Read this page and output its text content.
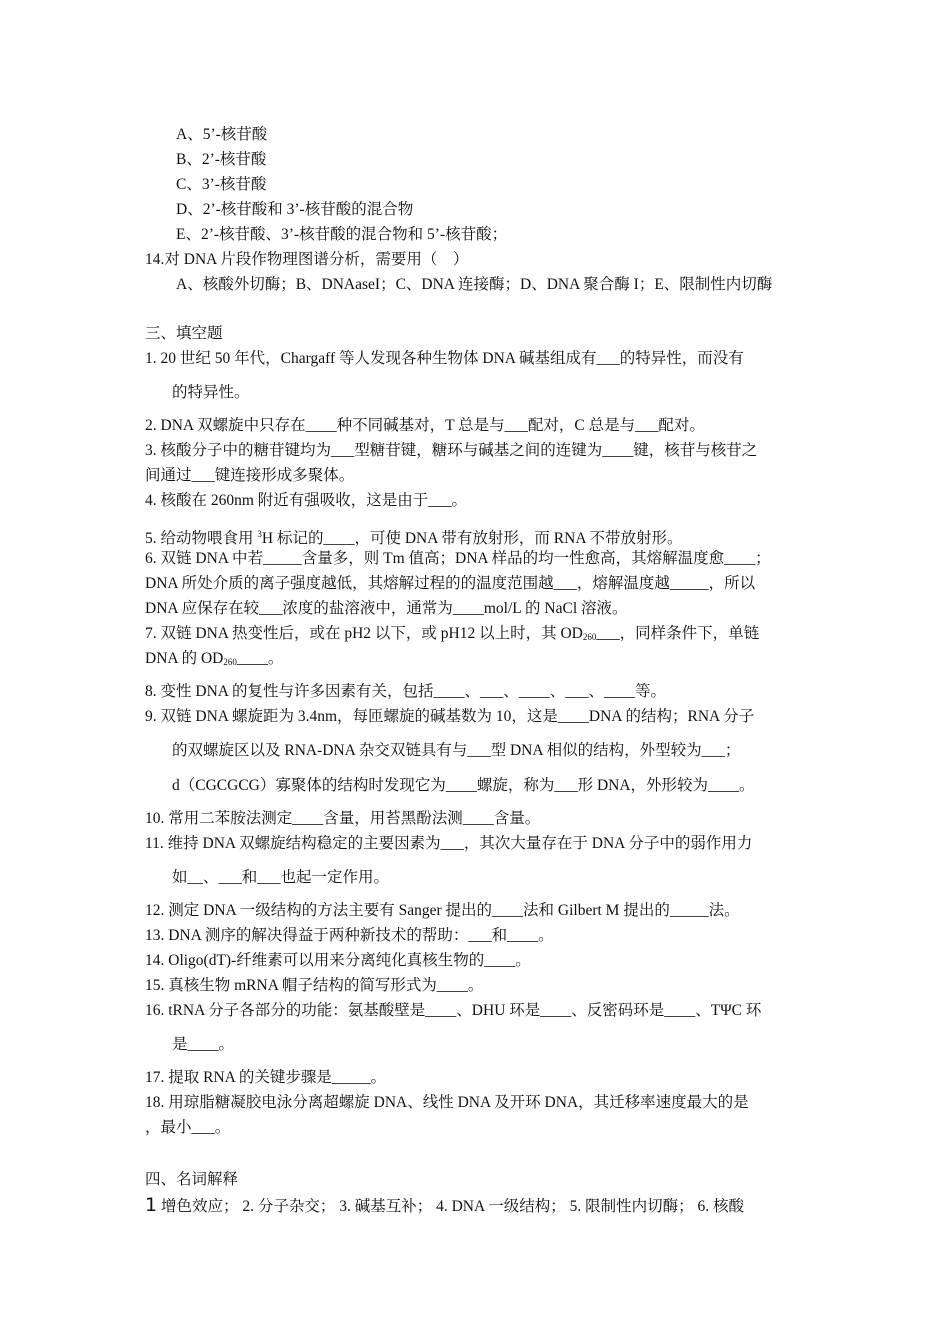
A、5’-核苷酸
B、2’-核苷酸
C、3’-核苷酸
D、2’-核苷酸和 3’-核苷酸的混合物
E、2’-核苷酸、3’-核苷酸的混合物和 5’-核苷酸；
14.对 DNA 片段作物理图谱分析，需要用（　）
A、核酸外切酶；B、DNAaseI；C、DNA 连接酶；D、DNA 聚合酶 I；E、限制性内切酶
三、填空题
1. 20 世纪 50 年代，Chargaff 等人发现各种生物体 DNA 碱基组成有___的特异性，而没有
的特异性。
2. DNA 双螺旋中只存在____种不同碱基对，T 总是与___配对，C 总是与___配对。
3. 核酸分子中的糖苷键均为___型糖苷键，糖环与碱基之间的连键为____键，核苷与核苷之
间通过___键连接形成多聚体。
4. 核酸在 260nm 附近有强吸收，这是由于___。
5. 给动物喂食用 $^3$H 标记的____，可使 DNA 带有放射形，而 RNA 不带放射形。
6. 双链 DNA 中若_____含量多，则 Tm 值高；DNA 样品的均一性愈高，其熔解温度愈____；
DNA 所处介质的离子强度越低，其熔解过程的的温度范围越___，熔解温度越_____，所以
DNA 应保存在较___浓度的盐溶液中，通常为____mol/L 的 NaCl 溶液。
7. 双链 DNA 热变性后，或在 pH2 以下，或 pH12 以上时，其 $OD_{260}\_\_\_$，同样条件下，单链
DNA 的 $OD_{260}\_\_\_\_$。
8. 变性 DNA 的复性与许多因素有关，包括____、___、____、___、____等。
9. 双链 DNA 螺旋距为 3.4nm，每匝螺旋的碱基数为 10，这是____DNA 的结构；RNA 分子
的双螺旋区以及 RNA-DNA 杂交双链具有与___型 DNA 相似的结构，外型较为___；
d（CGCGCG）寡聚体的结构时发现它为____螺旋，称为___形 DNA，外形较为____。
10. 常用二苯胺法测定____含量，用苔黑酚法测____含量。
11. 维持 DNA 双螺旋结构稳定的主要因素为___，其次大量存在于 DNA 分子中的弱作用力
如__、___和___也起一定作用。
12. 测定 DNA 一级结构的方法主要有 Sanger 提出的____法和 Gilbert M 提出的_____法。
13. DNA 测序的解决得益于两种新技术的帮助：___和____。
14. Oligo(dT)-纤维素可以用来分离纯化真核生物的____。
15. 真核生物 mRNA 帽子结构的简写形式为____。
16. tRNA 分子各部分的功能：氨基酸壁是____、DHU 环是____、反密码环是____、TΨC 环
是____。
17. 提取 RNA 的关键步骤是_____。
18. 用琼脂糖凝胶电泳分离超螺旋 DNA、线性 DNA 及开环 DNA，其迁移率速度最大的是
，最小___。
四、名词解释
1 增色效应； 2. 分子杂交； 3. 碱基互补； 4. DNA 一级结构； 5. 限制性内切酶； 6. 核酸
